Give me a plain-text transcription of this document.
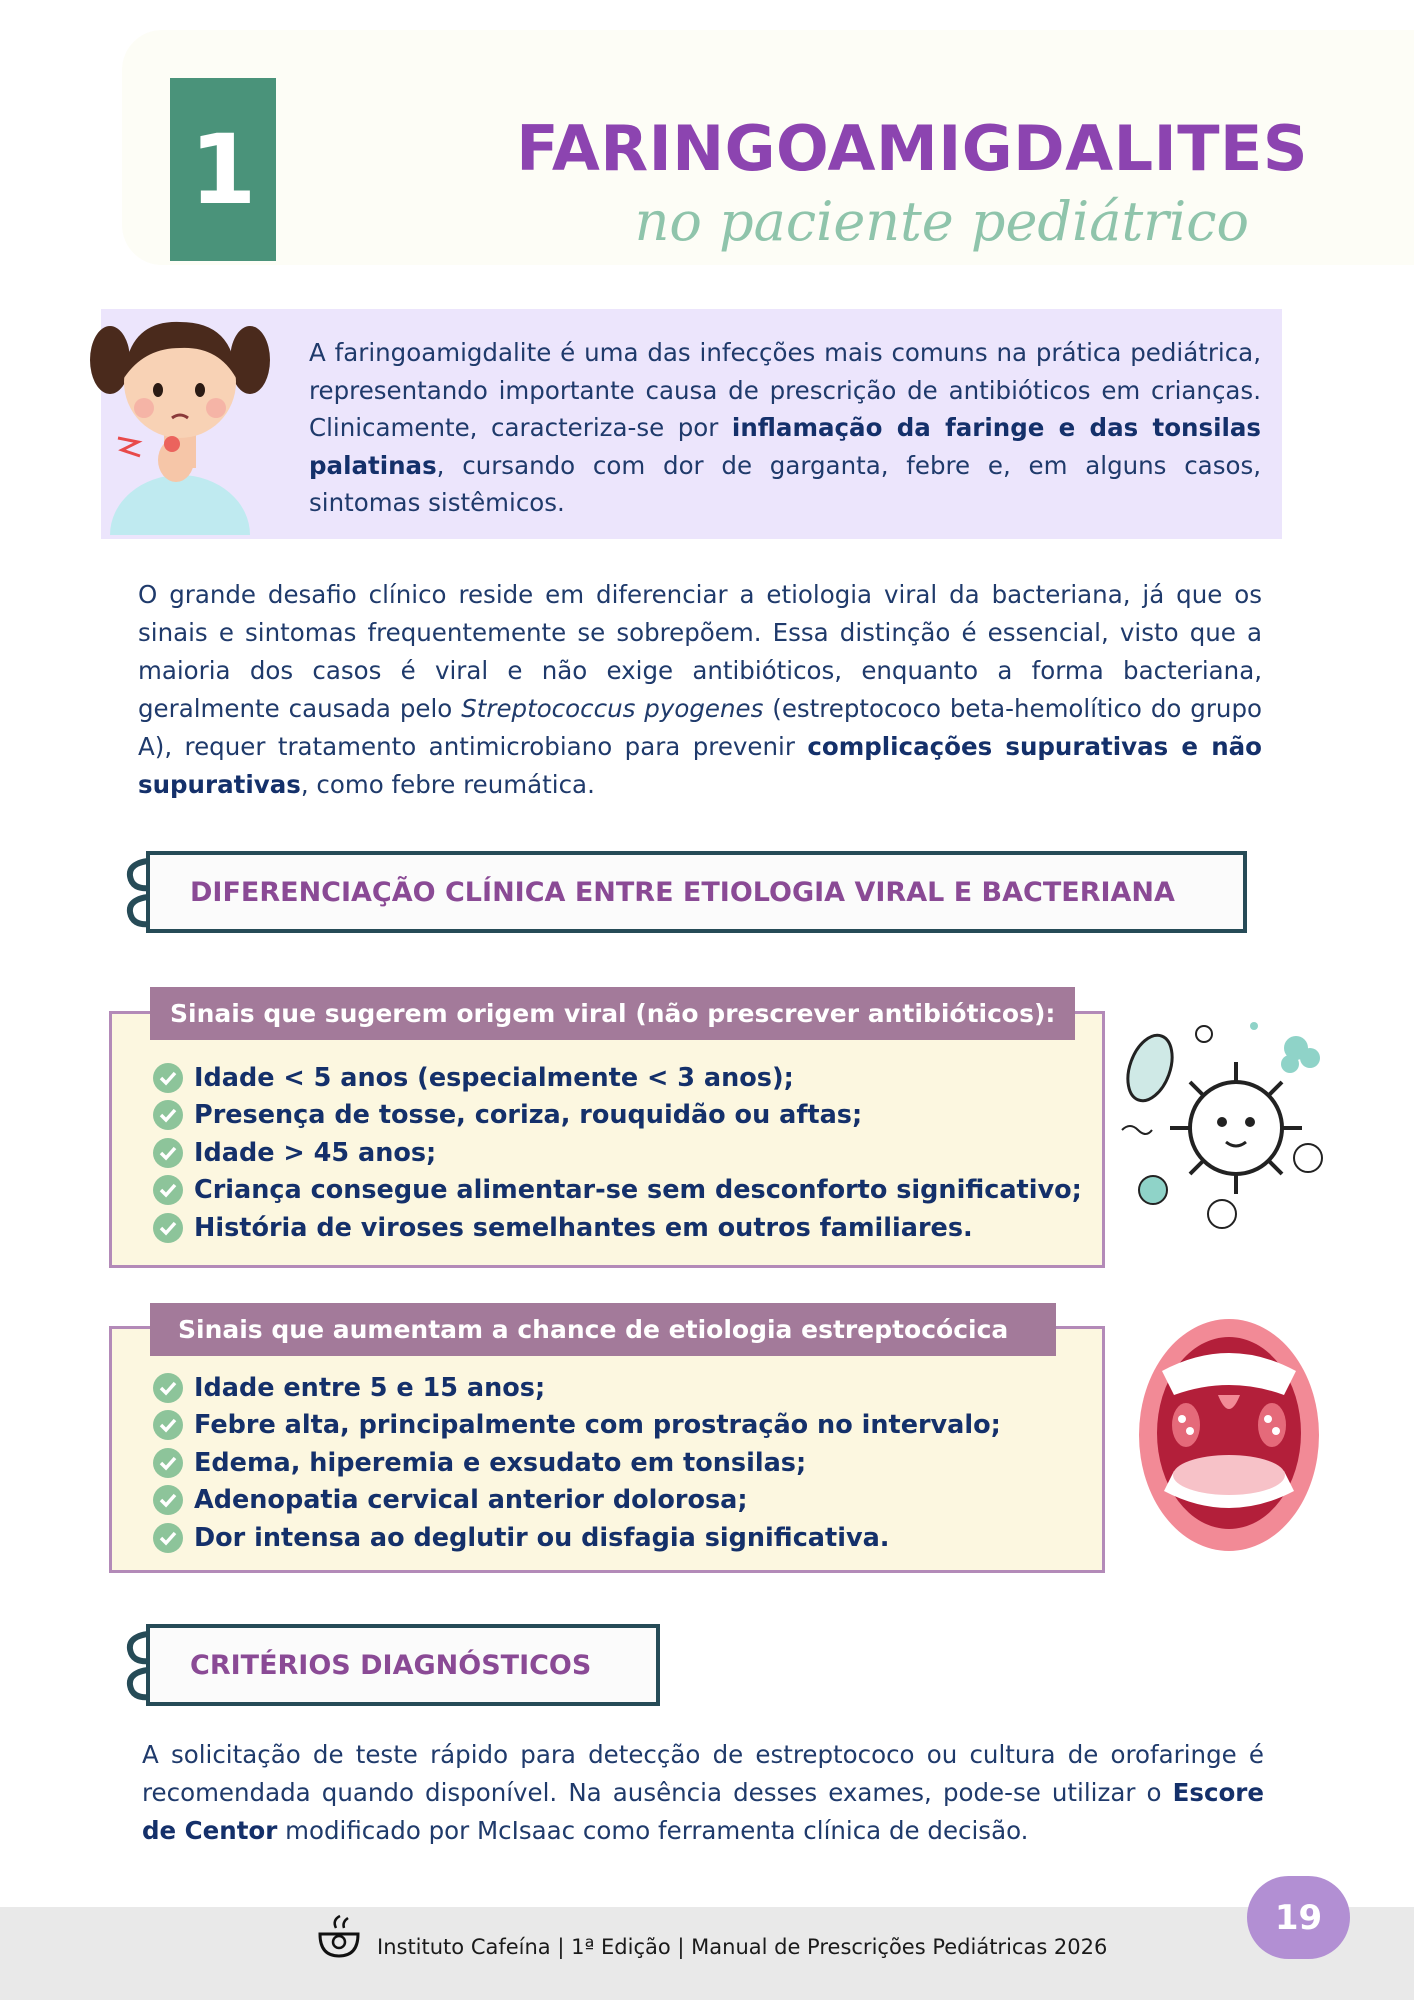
1	FARINGOAMIGDALITES
no paciente pediátrico
A faringoamigdalite é uma das infecções mais comuns na prática pediátrica, representando importante causa de prescrição de antibióticos em crianças. Clinicamente, caracteriza-se por inflamação da faringe e das tonsilas palatinas, cursando com dor de garganta, febre e, em alguns casos, sintomas sistêmicos.
O grande desafio clínico reside em diferenciar a etiologia viral da bacteriana, já que os sinais e sintomas frequentemente se sobrepõem. Essa distinção é essencial, visto que a maioria dos casos é viral e não exige antibióticos, enquanto a forma bacteriana, geralmente causada pelo Streptococcus pyogenes (estreptococo beta-hemolítico do grupo A), requer tratamento antimicrobiano para prevenir complicações supurativas e não supurativas, como febre reumática.
DIFERENCIAÇÃO CLÍNICA ENTRE ETIOLOGIA VIRAL E BACTERIANA
Sinais que sugerem origem viral (não prescrever antibióticos):
Idade < 5 anos (especialmente < 3 anos);
Presença de tosse, coriza, rouquidão ou aftas;
Idade > 45 anos;
Criança consegue alimentar-se sem desconforto significativo;
História de viroses semelhantes em outros familiares.
Sinais que aumentam a chance de etiologia estreptocócica
Idade entre 5 e 15 anos;
Febre alta, principalmente com prostração no intervalo;
Edema, hiperemia e exsudato em tonsilas;
Adenopatia cervical anterior dolorosa;
Dor intensa ao deglutir ou disfagia significativa.
CRITÉRIOS DIAGNÓSTICOS
A solicitação de teste rápido para detecção de estreptococo ou cultura de orofaringe é recomendada quando disponível. Na ausência desses exames, pode-se utilizar o Escore de Centor modificado por McIsaac como ferramenta clínica de decisão.
Instituto Cafeína | 1ª Edição | Manual de Prescrições Pediátricas 2026
19
